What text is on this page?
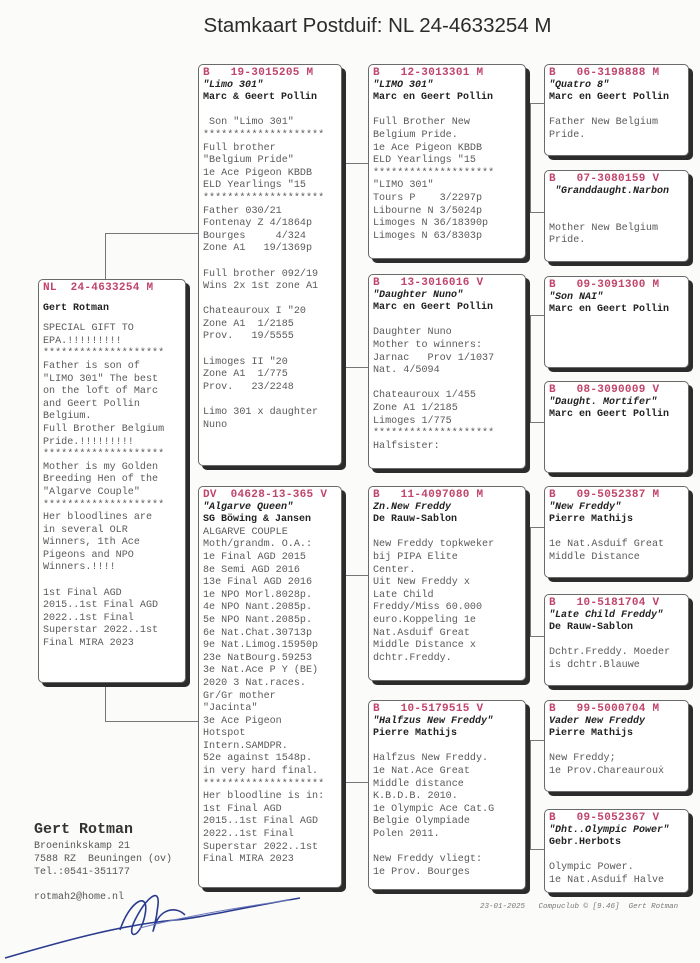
Stamkaart Postduif: NL 24-4633254 M
NL  24-4633254 M
Gert Rotman
SPECIAL GIFT TO
EPA.!!!!!!!!!
********************
Father is son of
"LIMO 301" The best
on the loft of Marc
and Geert Pollin
Belgium.
Full Brother Belgium
Pride.!!!!!!!!!
********************
Mother is my Golden
Breeding Hen of the
"Algarve Couple"
********************
Her bloodlines are
in several OLR
Winners, 1th Ace
Pigeons and NPO
Winners.!!!!

1st Final AGD
2015..1st Final AGD
2022..1st Final
Superstar 2022..1st
Final MIRA 2023
B   19-3015205 M
"Limo 301"
Marc & Geert Pollin

Son "Limo 301"
********************
Full brother
"Belgium Pride"
1e Ace Pigeon KBDB
ELD Yearlings "15
********************
Father 030/21
Fontenay Z 4/1864p
Bourges     4/324
Zone A1   19/1369p

Full brother 092/19
Wins 2x 1st zone A1

Chateauroux I "20
Zone A1  1/2185
Prov.   19/5555

Limoges II "20
Zone A1  1/775
Prov.   23/2248

Limo 301 x daughter
Nuno
DV  04628-13-365 V
"Algarve Queen"
SG Böwing & Jansen
ALGARVE COUPLE
Moth/grandm. O.A.:
1e Final AGD 2015
8e Semi AGD 2016
13e Final AGD 2016
1e NPO Morl.8028p.
4e NPO Nant.2085p.
5e NPO Nant.2085p.
6e Nat.Chat.30713p
9e Nat.Limog.15950p
23e NatBourg.59253
3e Nat.Ace P Y (BE)
2020 3 Nat.races.
Gr/Gr mother
"Jacinta"
3e Ace Pigeon
Hotspot
Intern.SAMDPR.
52e against 1548p.
in very hard final.
********************
Her bloodline is in:
1st Final AGD
2015..1st Final AGD
2022..1st Final
Superstar 2022..1st
Final MIRA 2023
B   12-3013301 M
"LIMO 301"
Marc en Geert Pollin

Full Brother New
Belgium Pride.
1e Ace Pigeon KBDB
ELD Yearlings "15
********************
"LIMO 301"
Tours P    3/2297p
Libourne N 3/5024p
Limoges N 36/18390p
Limoges N 63/8303p
B   13-3016016 V
"Daughter Nuno"
Marc en Geert Pollin

Daughter Nuno
Mother to winners:
Jarnac   Prov 1/1037
Nat. 4/5094

Chateauroux 1/455
Zone A1 1/2185
Limoges 1/775
********************
Halfsister:
B   11-4097080 M
Zn.New Freddy
De Rauw-Sablon

New Freddy topkweker
bij PIPA Elite
Center.
Uit New Freddy x
Late Child
Freddy/Miss 60.000
euro.Koppeling 1e
Nat.Asduif Great
Middle Distance x
dchtr.Freddy.
B   10-5179515 V
"Halfzus New Freddy"
Pierre Mathijs

Halfzus New Freddy.
1e Nat.Ace Great
Middle distance
K.B.D.B. 2010.
1e Olympic Ace Cat.G
Belgie Olympiade
Polen 2011.

New Freddy vliegt:
1e Prov. Bourges
B   06-3198888 M
"Quatro 8"
Marc en Geert Pollin

Father New Belgium
Pride.
B   07-3080159 V
"Granddaught.Narbon

Mother New Belgium
Pride.
B   09-3091300 M
"Son NAI"
Marc en Geert Pollin
B   08-3090009 V
"Daught. Mortifer"
Marc en Geert Pollin
B   09-5052387 M
"New Freddy"
Pierre Mathijs

1e Nat.Asduif Great
Middle Distance
B   10-5181704 V
"Late Child Freddy"
De Rauw-Sablon

Dchtr.Freddy. Moeder
is dchtr.Blauwe
B   99-5000704 M
Vader New Freddy
Pierre Mathijs

New Freddy;
1e Prov.Chareaurouẋ
B   09-5052367 V
"Dht..Olympic Power"
Gebr.Herbots

Olympic Power.
1e Nat.Asduif Halve
Gert Rotman
Broeninkskamp 21
7588 RZ  Beuningen (ov)
Tel.:0541-351177
rotmah2@home.nl
23-01-2025 Compuclub © [9.46] Gert Rotman
